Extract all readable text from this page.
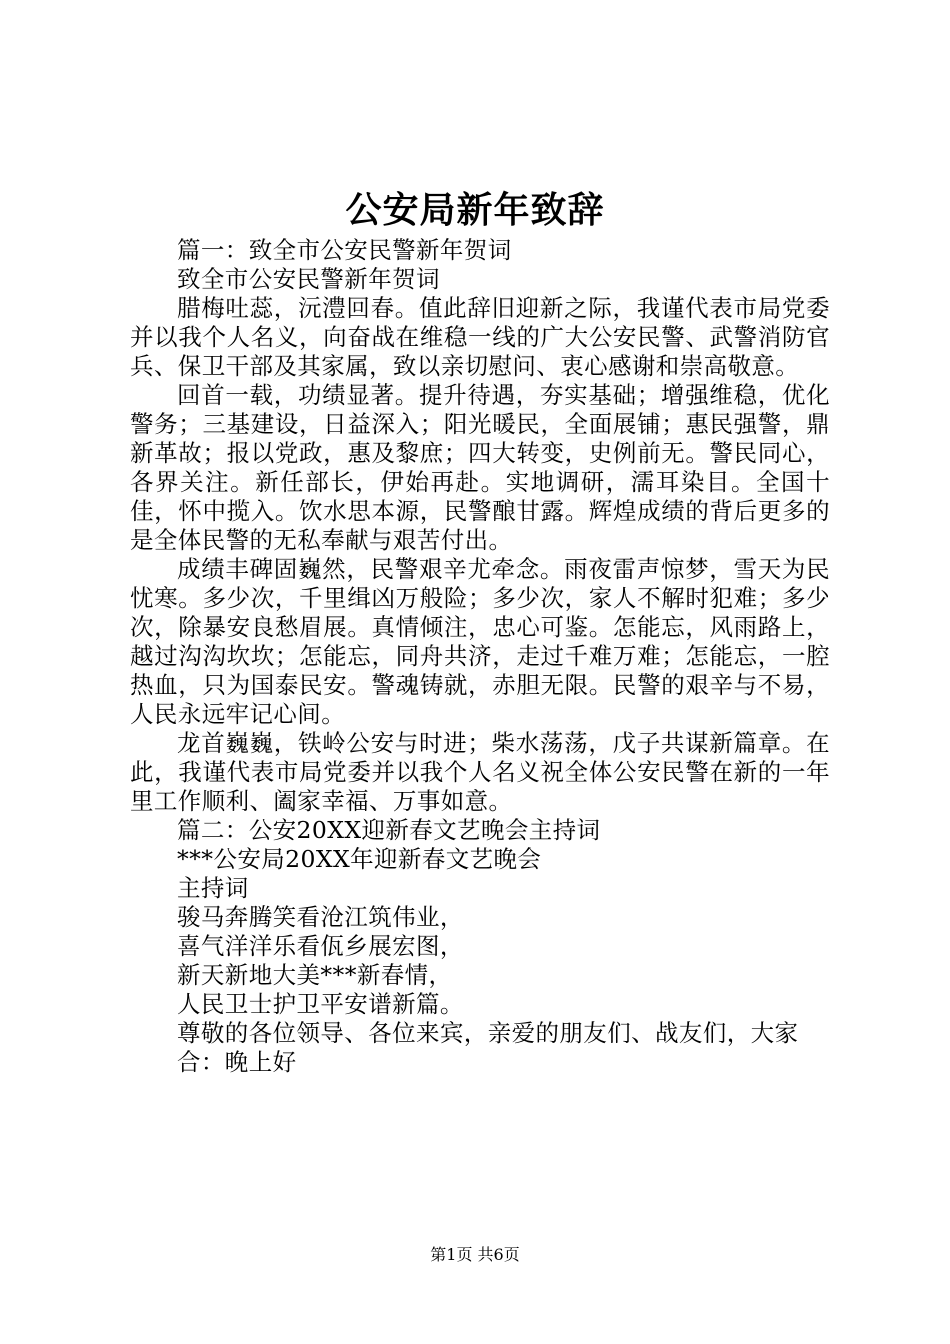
公安局新年致辞

篇一：致全市公安民警新年贺词

致全市公安民警新年贺词

腊梅吐蕊，沅澧回春。值此辞旧迎新之际，我谨代表市局党委并以我个人名义，向奋战在维稳一线的广大公安民警、武警消防官兵、保卫干部及其家属，致以亲切慰问、衷心感谢和崇高敬意。

回首一载，功绩显著。提升待遇，夯实基础；增强维稳，优化警务；三基建设，日益深入；阳光暖民，全面展铺；惠民强警，鼎新革故；报以党政，惠及黎庶；四大转变，史例前无。警民同心，各界关注。新任部长，伊始再赴。实地调研，濡耳染目。全国十佳，怀中揽入。饮水思本源，民警酿甘露。辉煌成绩的背后更多的是全体民警的无私奉献与艰苦付出。

成绩丰碑固巍然，民警艰辛尤牵念。雨夜雷声惊梦，雪天为民忧寒。多少次，千里缉凶万般险；多少次，家人不解时犯难；多少次，除暴安良愁眉展。真情倾注，忠心可鉴。怎能忘，风雨路上，越过沟沟坎坎；怎能忘，同舟共济，走过千难万难；怎能忘，一腔热血，只为国泰民安。警魂铸就，赤胆无限。民警的艰辛与不易，人民永远牢记心间。

龙首巍巍，铁岭公安与时进；柴水荡荡，戊子共谋新篇章。在此，我谨代表市局党委并以我个人名义祝全体公安民警在新的一年里工作顺利、阖家幸福、万事如意。

篇二：公安20XX迎新春文艺晚会主持词

***公安局20XX年迎新春文艺晚会

主持词

骏马奔腾笑看沧江筑伟业，

喜气洋洋乐看佤乡展宏图，

新天新地大美***新春情，

人民卫士护卫平安谱新篇。

尊敬的各位领导、各位来宾，亲爱的朋友们、战友们，大家

合：晚上好

第1页 共6页
